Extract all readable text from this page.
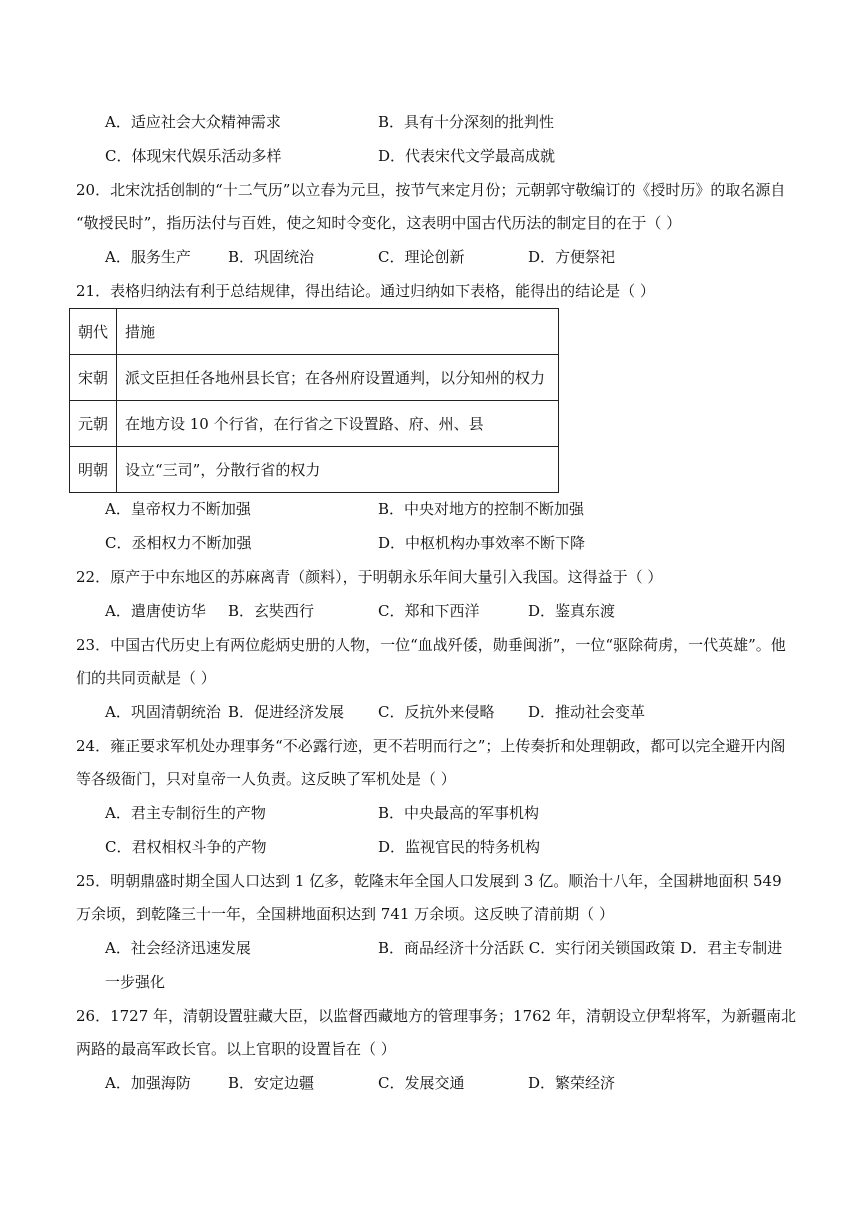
A．适应社会大众精神需求	B．具有十分深刻的批判性
C．体现宋代娱乐活动多样	D．代表宋代文学最高成就
20．北宋沈括创制的“十二气历”以立春为元旦，按节气来定月份；元朝郭守敬编订的《授时历》的取名源自
“敬授民时”，指历法付与百姓，使之知时令变化，这表明中国古代历法的制定目的在于（ ）
A．服务生产 B．巩固统治	C．理论创新	D．方便祭祀
21．表格归纳法有利于总结规律，得出结论。通过归纳如下表格，能得出的结论是（ ）
朝代	措施
宋朝	派文臣担任各地州县长官；在各州府设置通判，以分知州的权力
元朝	在地方设 10 个行省，在行省之下设置路、府、州、县
明朝	设立“三司”，分散行省的权力
A．皇帝权力不断加强	B．中央对地方的控制不断加强
C．丞相权力不断加强	D．中枢机构办事效率不断下降
22．原产于中东地区的苏麻离青（颜料），于明朝永乐年间大量引入我国。这得益于（ ）
A．遣唐使访华 B．玄奘西行	C．郑和下西洋	D．鉴真东渡
23．中国古代历史上有两位彪炳史册的人物，一位“血战歼倭，勋垂闽浙”，一位“驱除荷虏，一代英雄”。他
们的共同贡献是（ ）
A．巩固清朝统治 B．促进经济发展 C．反抗外来侵略 D．推动社会变革
24．雍正要求军机处办理事务“不必露行迹，更不若明而行之”；上传奏折和处理朝政，都可以完全避开内阁
等各级衙门，只对皇帝一人负责。这反映了军机处是（ ）
A．君主专制衍生的产物	B．中央最高的军事机构
C．君权相权斗争的产物	D．监视官民的特务机构
25．明朝鼎盛时期全国人口达到 1 亿多，乾隆末年全国人口发展到 3 亿。顺治十八年，全国耕地面积 549
万余顷，到乾隆三十一年，全国耕地面积达到 741 万余顷。这反映了清前期（ ）
A．社会经济迅速发展	B．商品经济十分活跃 C．实行闭关锁国政策 D．君主专制进
一步强化
26．1727 年，清朝设置驻藏大臣，以监督西藏地方的管理事务；1762 年，清朝设立伊犁将军，为新疆南北
两路的最高军政长官。以上官职的设置旨在（ ）
A．加强海防 B．安定边疆	C．发展交通	D．繁荣经济
